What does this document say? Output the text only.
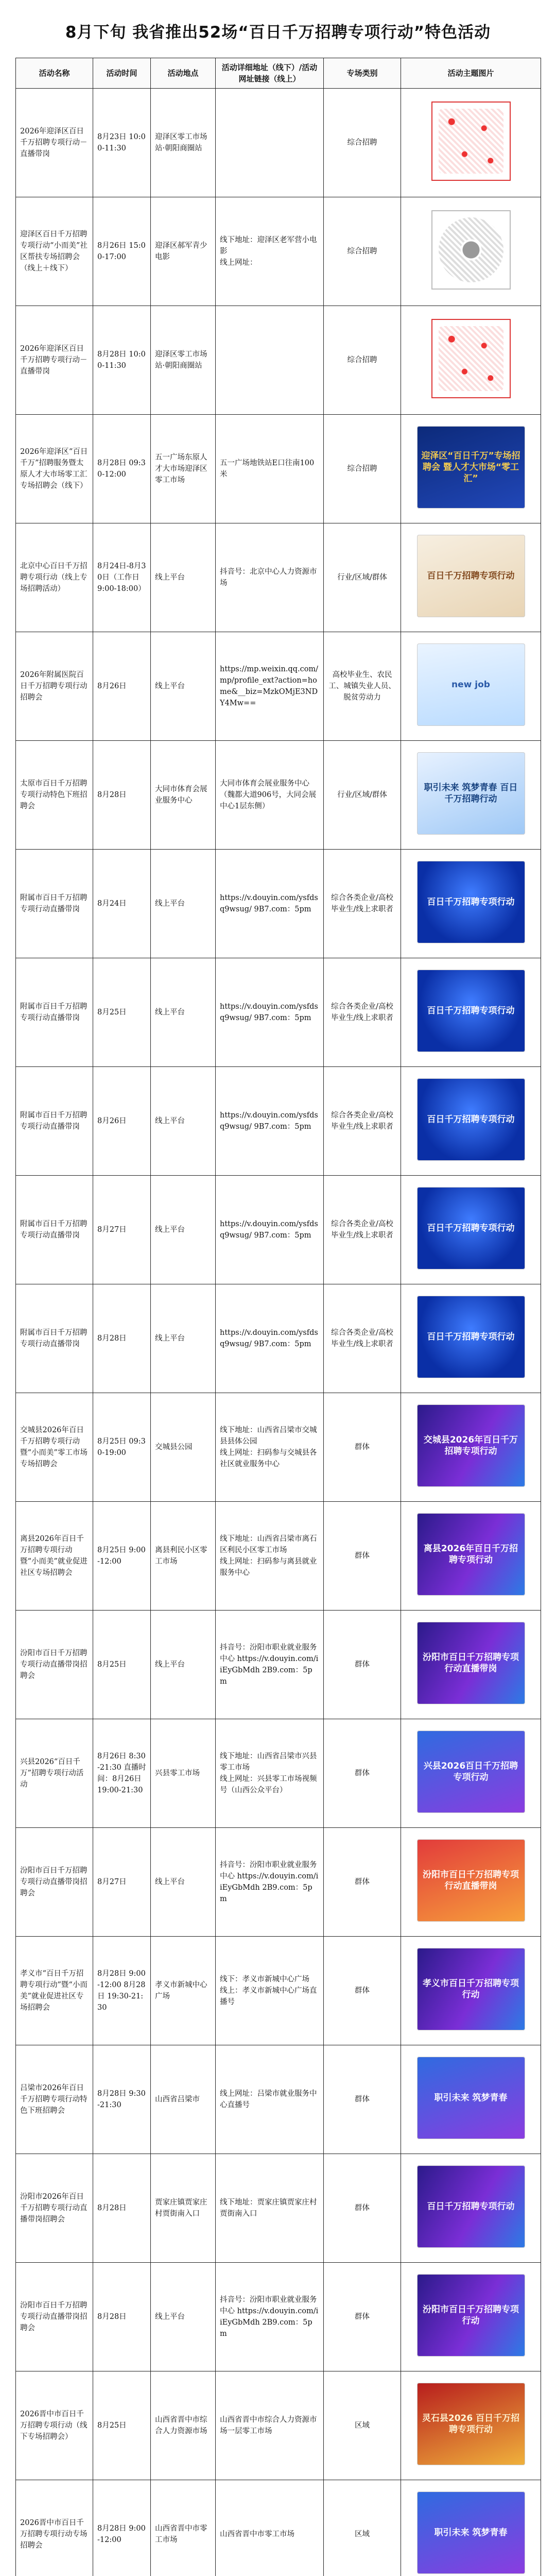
8月下旬 我省推出52场“百日千万招聘专项行动”特色活动
活动名称	活动时间	活动地点	活动详细地址（线下）/活动网址链接（线上）	专场类别	活动主题图片
2026年迎泽区百日千万招聘专项行动－直播带岗	8月23日 10:00-11:30	迎泽区零工市场站·朝阳商圈站		综合招聘	

迎泽区百日千万招聘专项行动“小而美”社区帮扶专场招聘会（线上＋线下）	8月26日 15:00-17:00	迎泽区郝军青少电影	线下地址：迎泽区老军营小电影
线上网址：	综合招聘	

2026年迎泽区百日千万招聘专项行动－直播带岗	8月28日 10:00-11:30	迎泽区零工市场站·朝阳商圈站		综合招聘	

2026年迎泽区“百日千万”招聘服务暨太原人才大市场零工汇专场招聘会（线下）	8月28日 09:30-12:00	五一广场东原人才大市场迎泽区零工市场	五一广场地铁站E口往南100米	综合招聘	迎泽区“百日千万”专场招聘会 暨人才大市场“零工汇”

北京中心百日千万招聘专项行动（线上专场招聘活动）	8月24日-8月30日（工作日9:00-18:00）	线上平台	抖音号：北京中心人力资源市场	行业/区域/群体	百日千万招聘专项行动

2026年附属医院百日千万招聘专项行动招聘会	8月26日	线上平台	https://mp.weixin.qq.com/mp/profile_ext?action=home&__biz=MzkOMjE3NDY4Mw==	高校毕业生、农民工、城镇失业人员、脱贫劳动力	new job

太原市百日千万招聘专项行动特色下班招聘会	8月28日	大同市体育会展业服务中心	大同市体育会展业服务中心（魏都大道906号，大同会展中心1层东侧）	行业/区域/群体	职引未来 筑梦青春 百日千万招聘行动

附属市百日千万招聘专项行动直播带岗	8月24日	线上平台	https://v.douyin.com/ysfdsq9wsug/ 9B7.com：5pm	综合各类企业/高校毕业生/线上求职者	百日千万招聘专项行动

附属市百日千万招聘专项行动直播带岗	8月25日	线上平台	https://v.douyin.com/ysfdsq9wsug/ 9B7.com：5pm	综合各类企业/高校毕业生/线上求职者	百日千万招聘专项行动

附属市百日千万招聘专项行动直播带岗	8月26日	线上平台	https://v.douyin.com/ysfdsq9wsug/ 9B7.com：5pm	综合各类企业/高校毕业生/线上求职者	百日千万招聘专项行动

附属市百日千万招聘专项行动直播带岗	8月27日	线上平台	https://v.douyin.com/ysfdsq9wsug/ 9B7.com：5pm	综合各类企业/高校毕业生/线上求职者	百日千万招聘专项行动

附属市百日千万招聘专项行动直播带岗	8月28日	线上平台	https://v.douyin.com/ysfdsq9wsug/ 9B7.com：5pm	综合各类企业/高校毕业生/线上求职者	百日千万招聘专项行动

交城县2026年百日千万招聘专项行动暨“小而美”零工市场专场招聘会	8月25日 09:30-19:00	交城县公园	线下地址：山西省吕梁市交城县县体公园
线上网址：扫码参与交城县各社区就业服务中心	群体	交城县2026年百日千万招聘专项行动

离县2026年百日千万招聘专项行动暨“小而美”就业促进社区专场招聘会	8月25日 9:00-12:00	离县利民小区零工市场	线下地址：山西省吕梁市离石区利民小区零工市场
线上网址：扫码参与离县就业服务中心	群体	离县2026年百日千万招聘专项行动

汾阳市百日千万招聘专项行动直播带岗招聘会	8月25日	线上平台	抖音号：汾阳市职业就业服务中心 https://v.douyin.com/iiEyGbMdh 2B9.com：5pm	群体	汾阳市百日千万招聘专项行动直播带岗

兴县2026“百日千万”招聘专项行动活动	8月26日 8:30-21:30 直播时间：8月26日 19:00-21:30	兴县零工市场	线下地址：山西省吕梁市兴县零工市场
线上网址：兴县零工市场视频号（山西公众平台）	群体	兴县2026百日千万招聘专项行动

汾阳市百日千万招聘专项行动直播带岗招聘会	8月27日	线上平台	抖音号：汾阳市职业就业服务中心 https://v.douyin.com/iiEyGbMdh 2B9.com：5pm	群体	汾阳市百日千万招聘专项行动直播带岗

孝义市“百日千万招聘专项行动”暨“小而美”就业促进社区专场招聘会	8月28日 9:00-12:00 8月28日 19:30-21:30	孝义市新城中心广场	线下：孝义市新城中心广场
线上：孝义市新城中心广场直播号	群体	孝义市百日千万招聘专项行动

吕梁市2026年百日千万招聘专项行动特色下班招聘会	8月28日 9:30-21:30	山西省吕梁市	线上网址：吕梁市就业服务中心直播号	群体	职引未来 筑梦青春

汾阳市2026年百日千万招聘专项行动直播带岗招聘会	8月28日	贾家庄镇贾家庄村贾街南入口	线下地址：贾家庄镇贾家庄村贾街南入口	群体	百日千万招聘专项行动

汾阳市百日千万招聘专项行动直播带岗招聘会	8月28日	线上平台	抖音号：汾阳市职业就业服务中心 https://v.douyin.com/iiEyGbMdh 2B9.com：5pm	群体	汾阳市百日千万招聘专项行动

2026晋中市百日千万招聘专项行动（线下专场招聘会）	8月25日	山西省晋中市综合人力资源市场	山西省晋中市综合人力资源市场一层零工市场	区域	灵石县2026 百日千万招聘专项行动

2026晋中市百日千万招聘专项行动专场招聘会	8月28日 9:00-12:00	山西省晋中市零工市场	山西省晋中市零工市场	区域	职引未来 筑梦青春
